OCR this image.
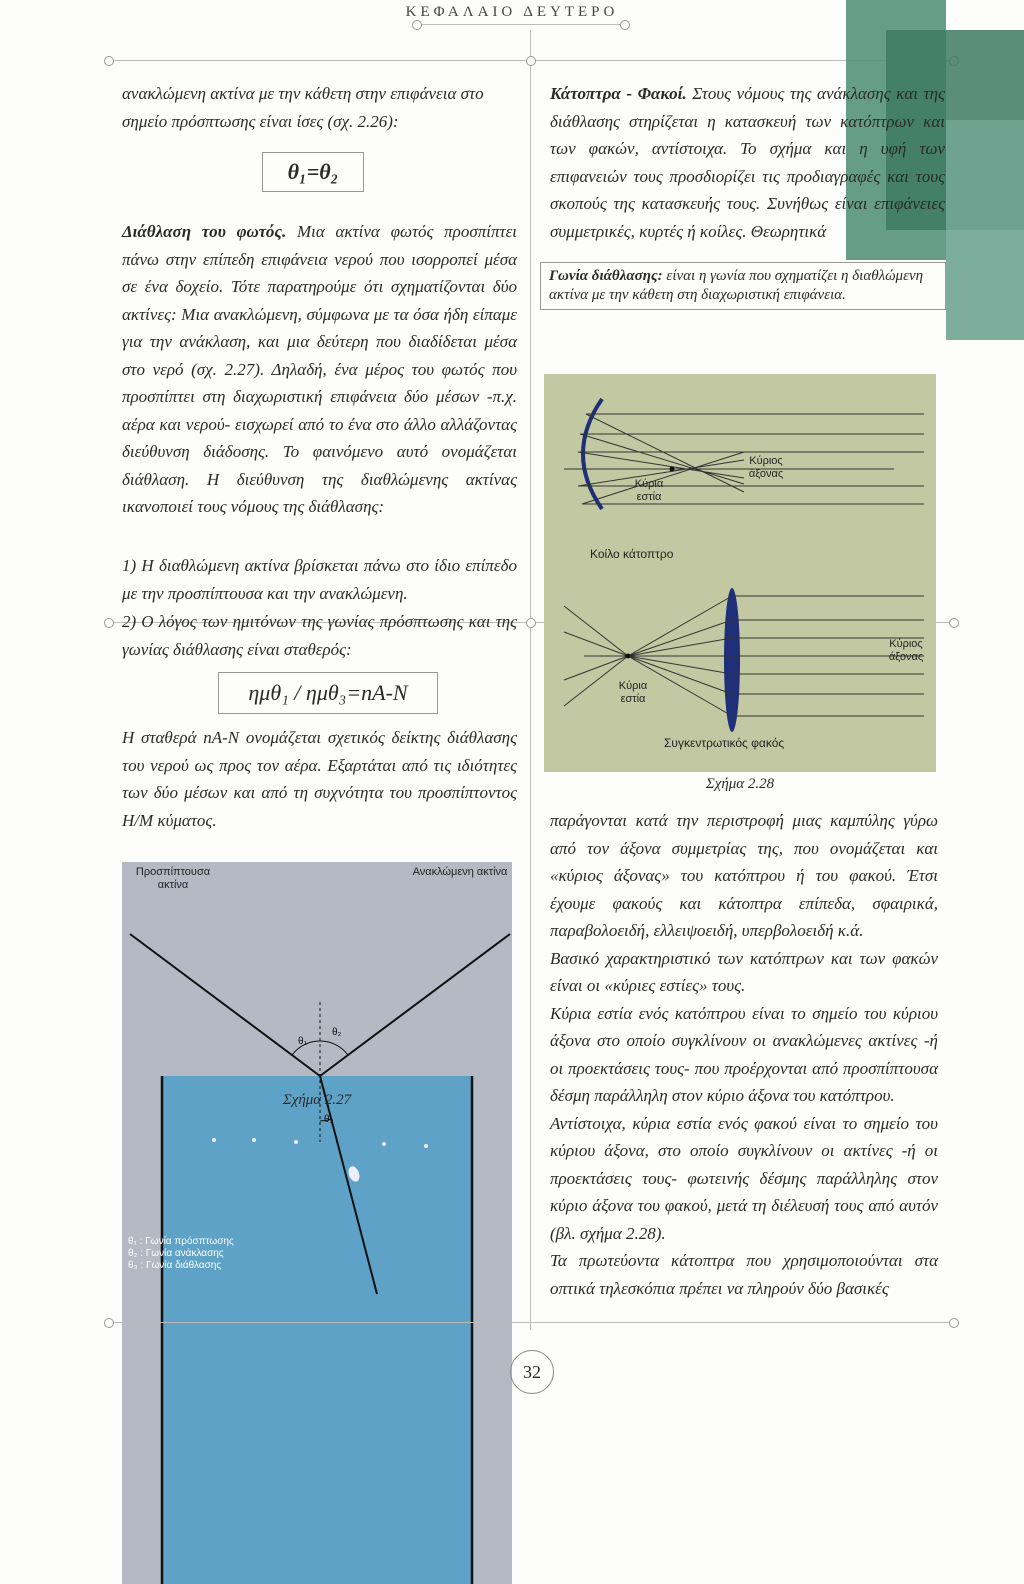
ΚΕΦΑΛΑΙΟ ΔΕΥΤΕΡΟ

ανακλώμενη ακτίνα με την κάθετη στην επιφάνεια στο σημείο πρόσπτωσης είναι ίσες (σχ. 2.26):

θ₁=θ₂

Διάθλαση του φωτός. Μια ακτίνα φωτός προσπίπτει πάνω στην επίπεδη επιφάνεια νερού που ισορροπεί μέσα σε ένα δοχείο. Τότε παρατηρούμε ότι σχηματίζονται δύο ακτίνες: Μια ανακλώμενη, σύμφωνα με τα όσα ήδη είπαμε για την ανάκλαση, και μια δεύτερη που διαδίδεται μέσα στο νερό (σχ. 2.27). Δηλαδή, ένα μέρος του φωτός που προσπίπτει στη διαχωριστική επιφάνεια δύο μέσων -π.χ. αέρα και νερού- εισχωρεί από το ένα στο άλλο αλλάζοντας διεύθυνση διάδοσης. Το φαινόμενο αυτό ονομάζεται διάθλαση. Η διεύθυνση της διαθλώμενης ακτίνας ικανοποιεί τους νόμους της διάθλασης:

1) Η διαθλώμενη ακτίνα βρίσκεται πάνω στο ίδιο επίπεδο με την προσπίπτουσα και την ανακλώμενη.

2) Ο λόγος των ημιτόνων της γωνίας πρόσπτωσης και της γωνίας διάθλασης είναι σταθερός:

ημθ₁ / ημθ₃=nA-N

Η σταθερά nA-N ονομάζεται σχετικός δείκτης διάθλασης του νερού ως προς τον αέρα. Εξαρτάται από τις ιδιότητες των δύο μέσων και από τη συχνότητα του προσπίπτοντος Η/Μ κύματος.

Προσπίπτουσα ακτίνα
Ανακλώμενη ακτίνα
θ₁
θ₂
θ₃
θ₁ : Γωνία πρόσπτωσης
θ₂ : Γωνία ανάκλασης
θ₃ : Γωνία διάθλασης
Σχήμα 2.27

Κάτοπτρα - Φακοί. Στους νόμους της ανάκλασης και της διάθλασης στηρίζεται η κατασκευή των κατόπτρων και των φακών, αντίστοιχα. Το σχήμα και η υφή των επιφανειών τους προσδιορίζει τις προδιαγραφές και τους σκοπούς της κατασκευής τους. Συνήθως είναι επιφάνειες συμμετρικές, κυρτές ή κοίλες. Θεωρητικά

Γωνία διάθλασης: είναι η γωνία που σχηματίζει η διαθλώμενη ακτίνα με την κάθετη στη διαχωριστική επιφάνεια.
Κύριος άξονας
Κύρια εστία
Κοίλο κάτοπτρο
Κύριος άξονας
Κύρια εστία
Συγκεντρωτικός φακός
Σχήμα 2.28

παράγονται κατά την περιστροφή μιας καμπύλης γύρω από τον άξονα συμμετρίας της, που ονομάζεται και «κύριος άξονας» του κατόπτρου ή του φακού. Έτσι έχουμε φακούς και κάτοπτρα επίπεδα, σφαιρικά, παραβολοειδή, ελλειψοειδή, υπερβολοειδή κ.ά.

Βασικό χαρακτηριστικό των κατόπτρων και των φακών είναι οι «κύριες εστίες» τους.

Κύρια εστία ενός κατόπτρου είναι το σημείο του κύριου άξονα στο οποίο συγκλίνουν οι ανακλώμενες ακτίνες -ή οι προεκτάσεις τους- που προέρχονται από προσπίπτουσα δέσμη παράλληλη στον κύριο άξονα του κατόπτρου.

Αντίστοιχα, κύρια εστία ενός φακού είναι το σημείο του κύριου άξονα, στο οποίο συγκλίνουν οι ακτίνες -ή οι προεκτάσεις τους- φωτεινής δέσμης παράλληλης στον κύριο άξονα του φακού, μετά τη διέλευσή τους από αυτόν (βλ. σχήμα 2.28).

Τα πρωτεύοντα κάτοπτρα που χρησιμοποιούνται στα οπτικά τηλεσκόπια πρέπει να πληρούν δύο βασικές

32
